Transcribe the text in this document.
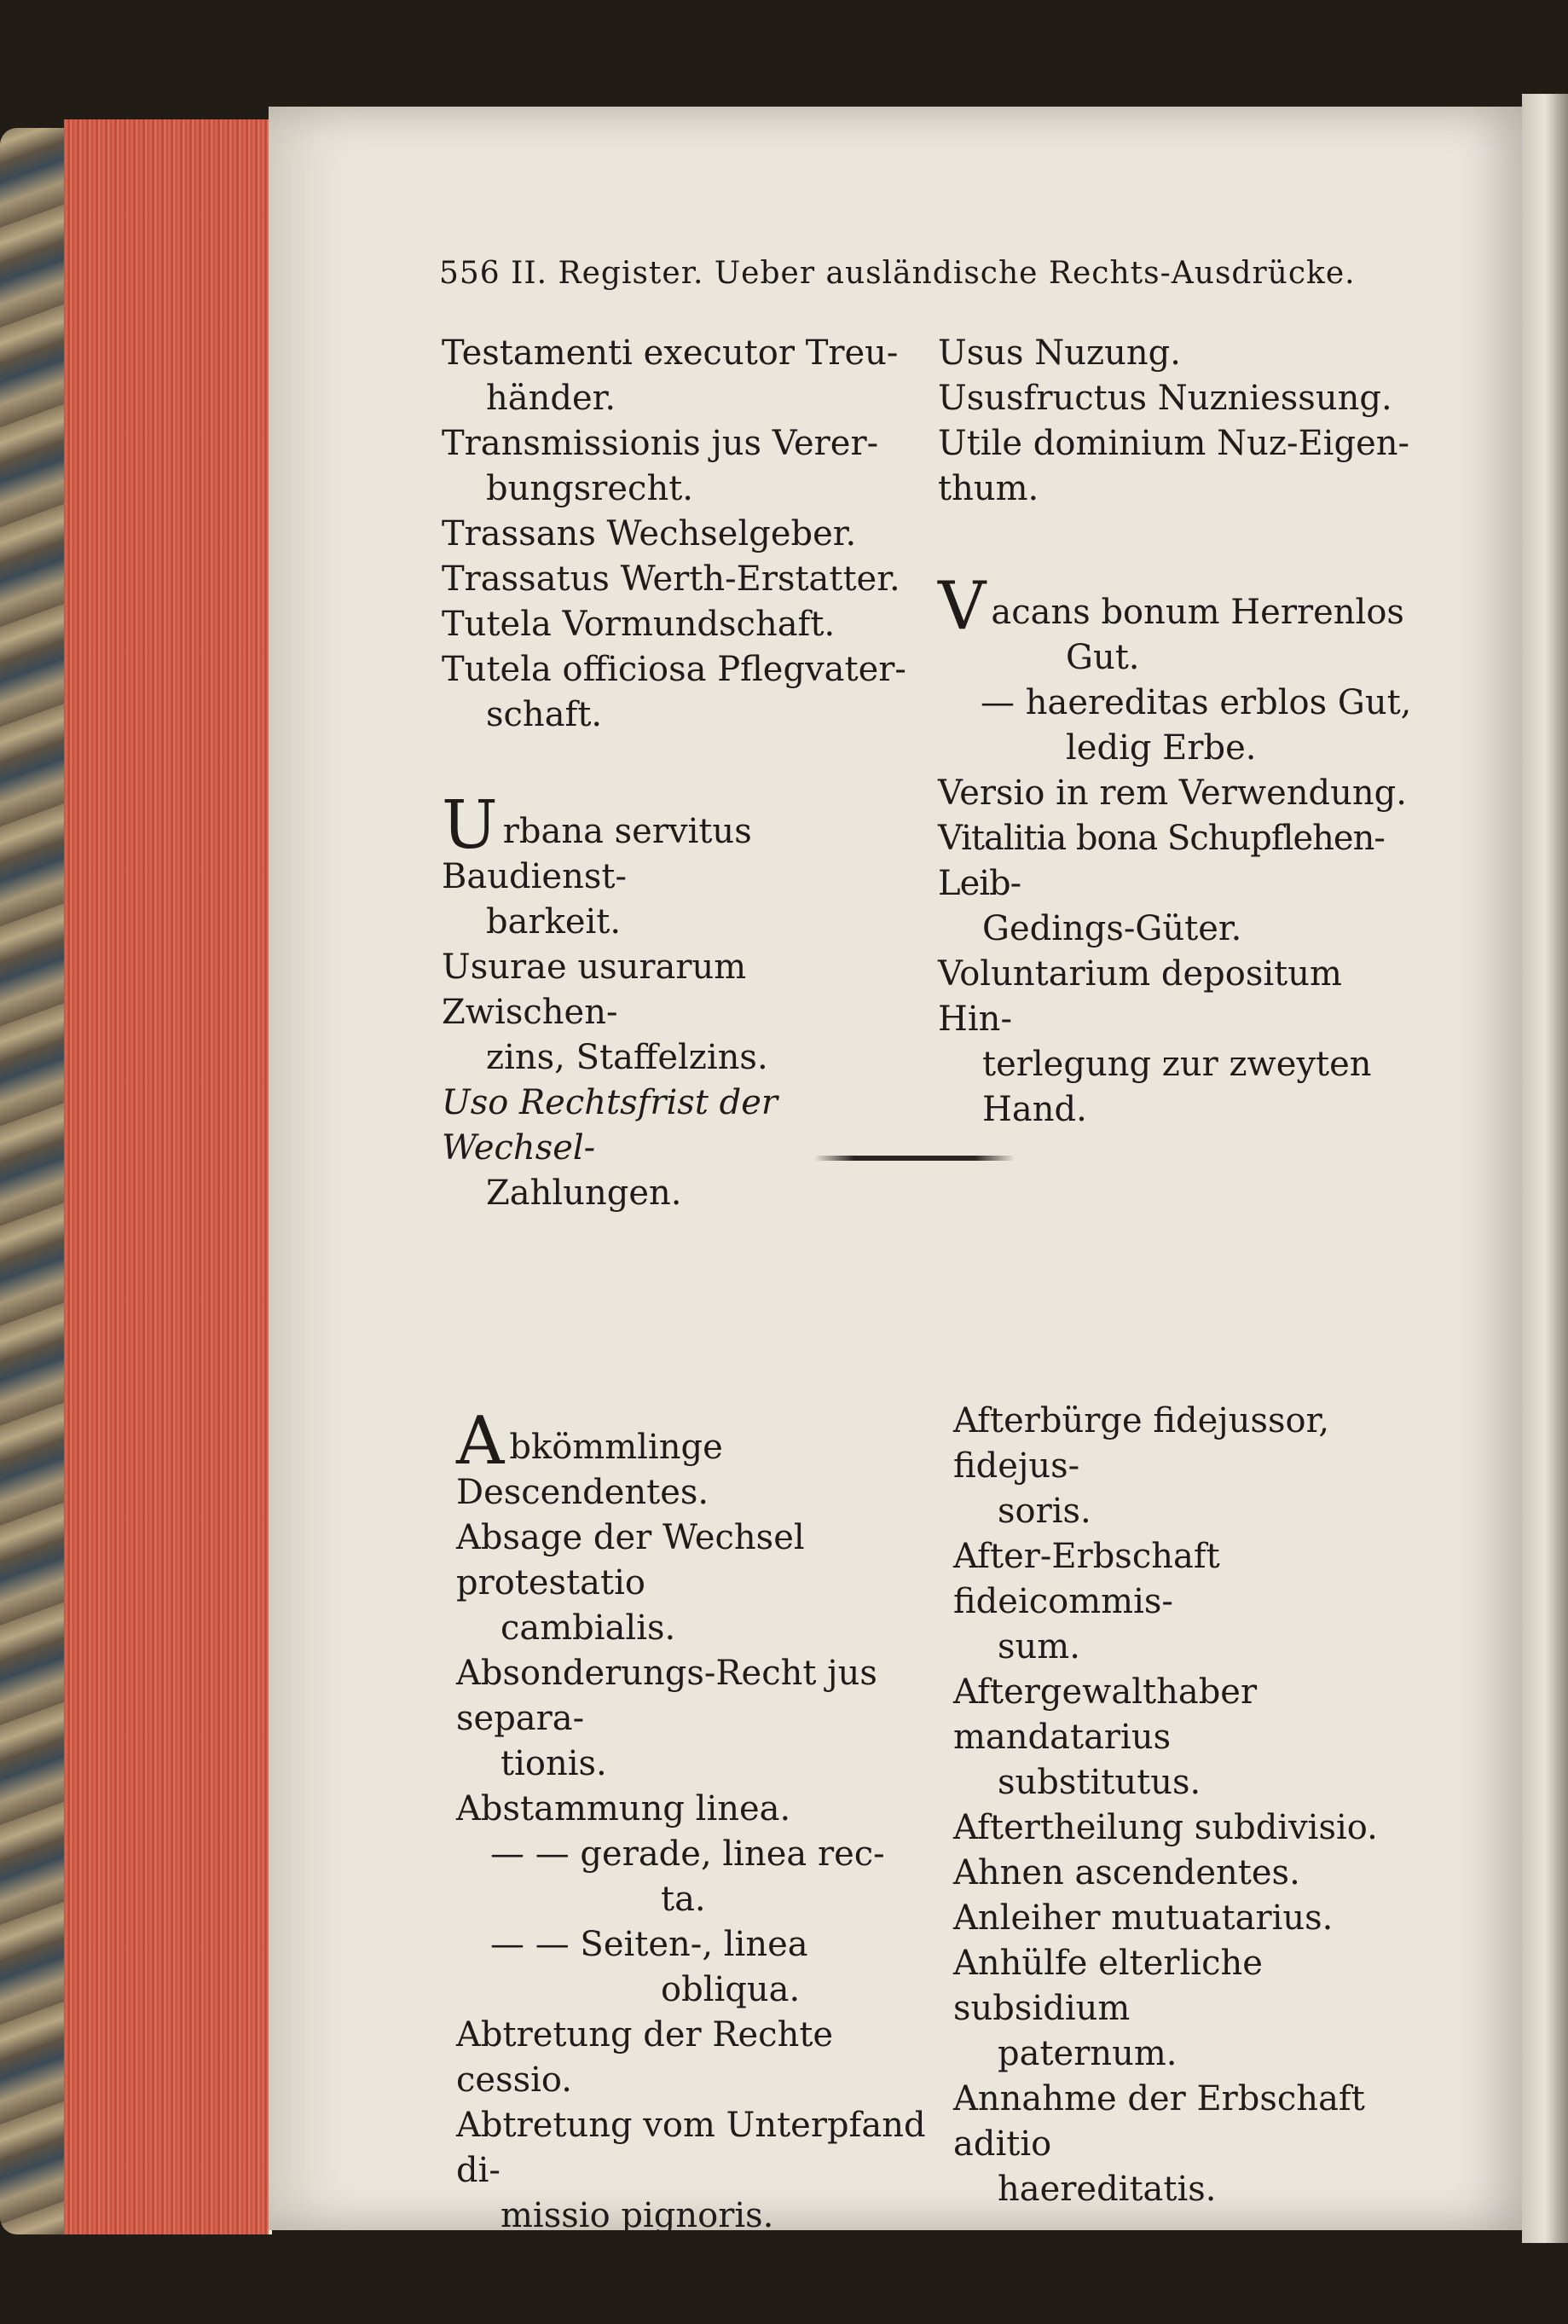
556 II. Register. Ueber ausländische Rechts-Ausdrücke.
Testamenti executor Treu-
händer.
Transmissionis jus Verer-
bungsrecht.
Trassans Wechselgeber.
Trassatus Werth-Erstatter.
Tutela Vormundschaft.
Tutela officiosa Pflegvater-
schaft.
Urbana servitus Baudienst-
barkeit.
Usurae usurarum Zwischen-
zins, Staffelzins.
Uso Rechtsfrist der Wechsel-
Zahlungen.
Usus Nuzung.
Ususfructus Nuzniessung.
Utile dominium Nuz-Eigen-
thum.
Vacans bonum Herrenlos
Gut.
— haereditas erblos Gut,
ledig Erbe.
Versio in rem Verwendung.
Vitalitia bona Schupflehen-Leib-
Gedings-Güter.
Voluntarium depositum Hin-
terlegung zur zweyten Hand.
Abkömmlinge Descendentes.
Absage der Wechsel protestatio
cambialis.
Absonderungs-Recht jus separa-
tionis.
Abstammung linea.
— — gerade, linea rec-
ta.
— — Seiten-, linea
obliqua.
Abtretung der Rechte cessio.
Abtretung vom Unterpfand di-
missio pignoris.
Afterbürge fidejussor, fidejus-
soris.
After-Erbschaft fideicommis-
sum.
Aftergewalthaber mandatarius
substitutus.
Aftertheilung subdivisio.
Ahnen ascendentes.
Anleiher mutuatarius.
Anhülfe elterliche subsidium
paternum.
Annahme der Erbschaft aditio
haereditatis.
